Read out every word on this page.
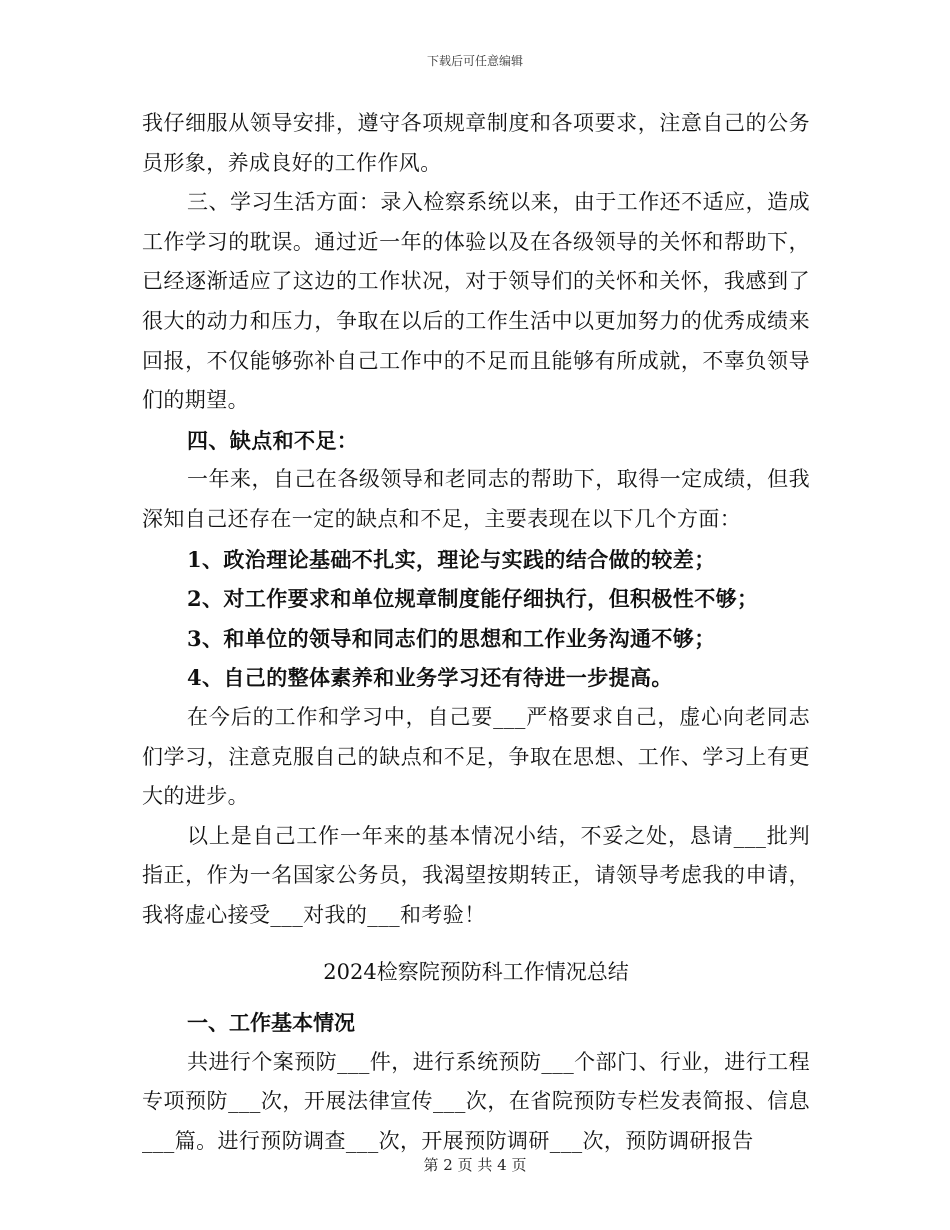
下载后可任意编辑

我仔细服从领导安排，遵守各项规章制度和各项要求，注意自己的公务员形象，养成良好的工作作风。

三、学习生活方面：录入检察系统以来，由于工作还不适应，造成工作学习的耽误。通过近一年的体验以及在各级领导的关怀和帮助下，已经逐渐适应了这边的工作状况，对于领导们的关怀和关怀，我感到了很大的动力和压力，争取在以后的工作生活中以更加努力的优秀成绩来回报，不仅能够弥补自己工作中的不足而且能够有所成就，不辜负领导们的期望。

四、缺点和不足：

一年来，自己在各级领导和老同志的帮助下，取得一定成绩，但我深知自己还存在一定的缺点和不足，主要表现在以下几个方面：

1、政治理论基础不扎实，理论与实践的结合做的较差；

2、对工作要求和单位规章制度能仔细执行，但积极性不够；

3、和单位的领导和同志们的思想和工作业务沟通不够；

4、自己的整体素养和业务学习还有待进一步提高。

在今后的工作和学习中，自己要___严格要求自己，虚心向老同志们学习，注意克服自己的缺点和不足，争取在思想、工作、学习上有更大的进步。

以上是自己工作一年来的基本情况小结，不妥之处，恳请___批判指正，作为一名国家公务员，我渴望按期转正，请领导考虑我的申请，我将虚心接受___对我的___和考验！

2024检察院预防科工作情况总结

一、工作基本情况

共进行个案预防___件，进行系统预防___个部门、行业，进行工程专项预防___次，开展法律宣传___次，在省院预防专栏发表简报、信息___篇。进行预防调查___次，开展预防调研___次，预防调研报告

第 2 页 共 4 页
